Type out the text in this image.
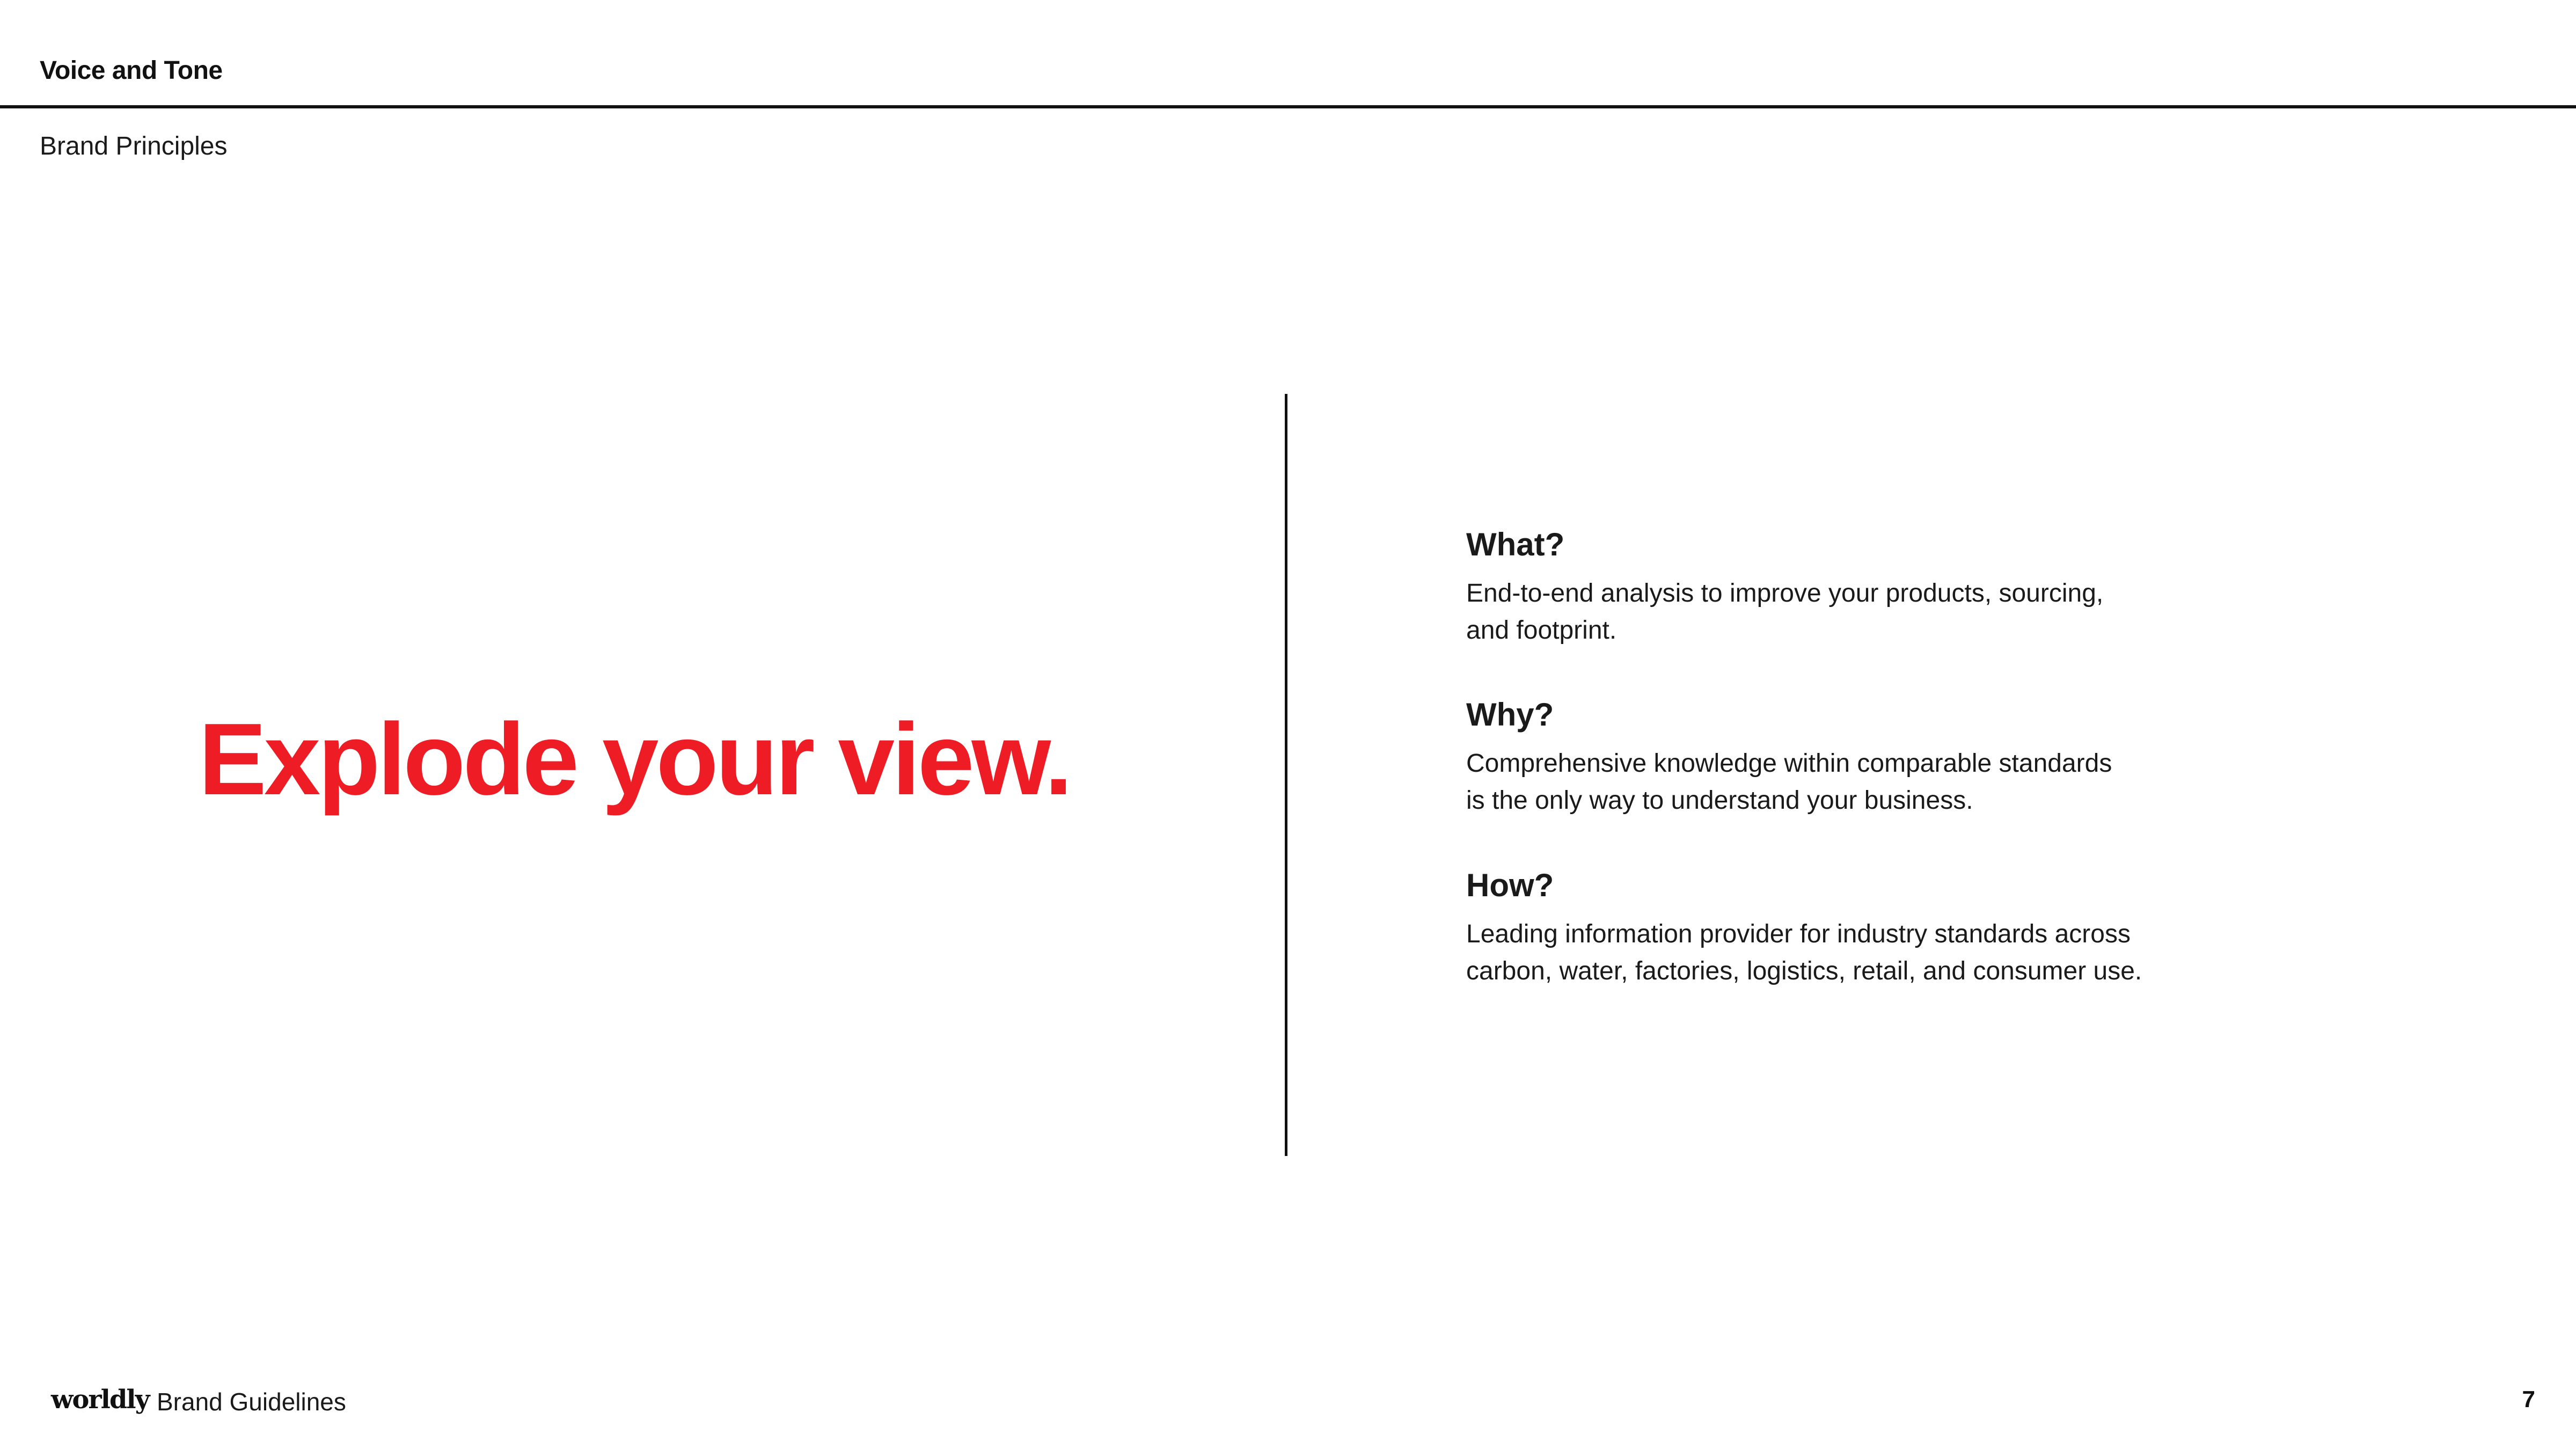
Voice and Tone
Brand Principles
Explode your view.

What?

End-to-end analysis to improve your products, sourcing,
and footprint.

Why?

Comprehensive knowledge within comparable standards
is the only way to understand your business.

How?

Leading information provider for industry standards across
carbon, water, factories, logistics, retail, and consumer use.

worldly Brand Guidelines	7
